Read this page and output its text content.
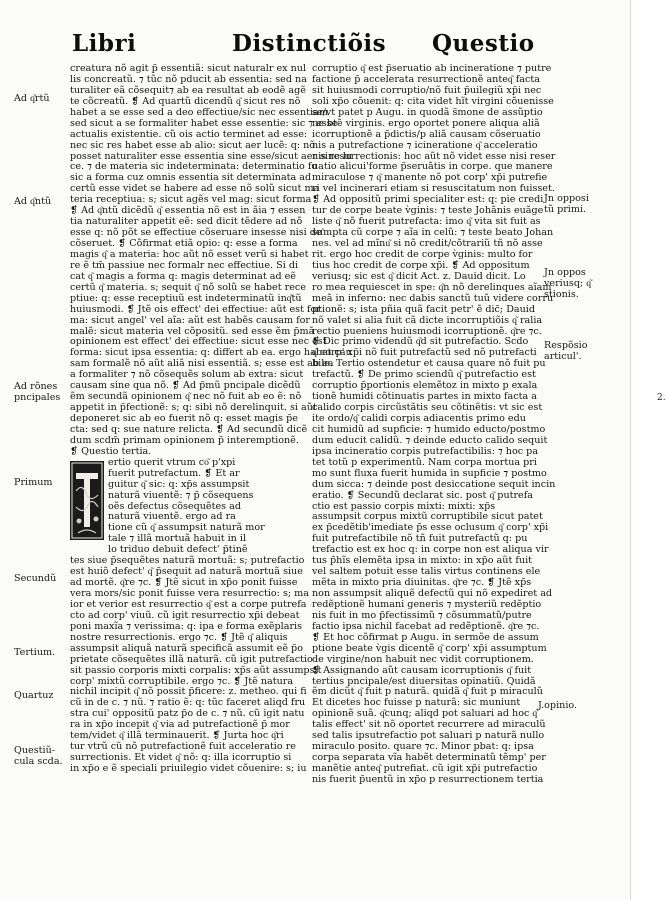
Libri	Distinctiõis Questio
creatura nõ agit p̃ essentiã: sicut naturalr ex nul
lis concreatũ. ⁊ tũc nõ pducit ab essentia: sed na
turaliter eã cõsequit⁊ ab ea resultat ab eodẽ agẽ
te cõcreatũ. ❡ Ad quartũ dicendũ q͂ sicut res nõ
habet a se esse sed a deo effectiue/sic nec essentiam
sed sicut a se formaliter habet esse essentie: sic ⁊ esse
actualis existentie. cũ ois actio terminet ad esse:
nec sic res habet esse ab alio: sicut aer lucẽ: q: nõ
posset naturaliter esse essentia sine esse/sicut aer sine lu
ce. ⁊ de materia sic indeterminata: determinatio fo
sic a forma cuz omnis essentia sit determinata ad
certũ esse videt se habere ad esse nõ solũ sicut ma
teria receptiua: s; sicut agẽs vel mag: sicut forma
❡ Ad q͂ntũ dicẽdũ q͂ essentia nõ est in ãia ⁊ essen
tia naturaliter appetit eẽ: sed dicit tẽdere ad nõ
esse q: nõ põt se effectiue cõseruare insesse nisi de'
cõseruet. ❡ Cõfirmat etiã opio: q: esse a forma
magis q͂ a materia: hoc aũt nõ esset verũ si habet
re ẽ tm̃ passiue nec formalr nec effectiue. Si di
cat q͂ magis a forma q: magis determinat ad eẽ
certũ q͂ materia. s; sequit q͂ nõ solũ se habet rece
ptiue: q: esse receptiuũ est indeterminatũ inq͂tũ
huiusmodi. ❡ Jtẽ ois effect' dei effectiue: aũt est for
ma: sicut angel' vel aĩa: aũt est habẽs causam for
malẽ: sicut materia vel cõpositũ. sed esse ẽm p̃mã
opinionem est effect' dei effectiue: sicut esse nec est
forma: sicut ipsa essentia: q: differt ab ea. ergo habet cau
sam formalẽ nõ aũt aliã nisi essentiã. s; esse est ab ea
a formaliter ⁊ nõ cõsequẽs solum ab extra: sicut
causam sine qua nõ. ❡ Ad p̃mũ pncipale dicẽdũ
ẽm secundã opinionem q͂ nec nõ fuit ab eo ẽ: nõ
appetit in p̃fectionẽ: s; q: sibi nõ derelinquit. si aũt
deponeret sic ab eo fuerit nõ q: esset magis p̃e
cta: sed q: sue nature relicta. ❡ Ad secundũ dicẽ
dum scdm̃ primam opinionem p̃ interemptionẽ.
❡ Questio tertia.
ertio querit vtrum co͂ p'xpi
fuerit putrefactum. ❡ Et ar
guitur q͂ sic: q: xp̃s assumpsit
naturã viuentẽ: ⁊ p̃ cõsequens
oẽs defectus cõsequẽtes ad
naturã viuentẽ. ergo ad ra
tione cũ q͂ assumpsit naturã mor
tale ⁊ illã mortuã habuit in il
lo triduo debuit defect' p̃tinẽ
tes siue p̃sequẽtes naturã mortuã: s; putrefactio
est huiõ defect' q͂ p̃sequit ad naturã mortuã siue
ad mortẽ. q͂re ⁊c. ❡ Jtẽ sicut in xp̃o ponit fuisse
vera mors/sic ponit fuisse vera resurrectio: s; ma
ior et verior est resurrectio q͂ est a corpe putrefa
cto ad corp' viuũ. cũ igit resurrectio xp̃i debeat
poni maxĩa ⁊ verissima: q: ipa e forma exẽplaris
nostre resurrectionis. ergo ⁊c. ❡ Jtẽ q͂ aliquis
assumpsit aliquã naturã specificã assumit eẽ p̃o
prietate cõsequẽtes illã naturã. cũ igit putrefactio
sit passio corporis mixti corpalis: xp̃s aũt assumpsit
corp' mixtũ corruptibile. ergo ⁊c. ❡ Jtẽ natura
nichil incipit q͂ nõ possit p̃ficere: z. metheo. qui fi
cũ in de c. ⁊ nũ. ⁊ ratio ẽ: q: tũc faceret aliqd fru
stra cui' oppositũ patz p̃o de c. ⁊ nũ. cũ igit natu
ra in xp̃o incepit q͂ via ad putrefactionẽ p̃ mor
tem/videt q͂ illã terminauerit. ❡ Jurta hoc q͂ri
tur vtrũ cũ nõ putrefactionẽ fuit acceleratio re
surrectionis. Et videt q͂ nõ: q: illa icorruptio si
in xp̃o e ẽ speciali priuilegio videt cõuenire: s; iu
corruptio q͂ est p̃seruatio ab incineratione ⁊ putre
factione p̃ accelerata resurrectionẽ anteq͂ facta
sit huiusmodi corruptio/nõ fuit p̃uilegiũ xp̃i nec
soli xp̃o cõuenit: q: cita videt hĩt virgini cõuenisse
se/vt patet p Augu. in quodã s̃mone de assũptio
ne btẽ virginis. ergo oportet ponere aliqua aliã
icorruptionẽ a p̃dictis/p aliã causam cõseruatio
nis a putrefactione ⁊ icineratione q͂ acceleratio
nis resurrectionis: hoc aũt nõ videt esse nisi reser
uatio alicui'forme p̃seruãtis in corpe. que manere
miraculose ⁊ q͂ manente nõ pot corp' xp̃i putrefie
ri vel incinerari etiam si resuscitatum non fuisset.
❡ Ad oppositũ primi specialiter est: q: pie credi
tur de corpe beate v̀ginis: ⁊ teste Johãnis euãge
liste q͂ nõ fuerit putrefacta: imo q͂ vita sit fuit as
sumpta cũ corpe ⁊ aĩa in celũ: ⁊ teste beato Johan
nes. vel ad mĩnu͂ si nõ credit/cõtrariũ tñ nõ asse
rit. ergo hoc credit de corpe v̀ginis: multo for
tius hoc credit de corpe xp̃i. ❡ Ad oppositum
veriusq; sic est q͂ dicit Act. z. Dauid dicit. Lo
ro mea requiescet in spe: q͂n nõ derelinques aĩam
meã in inferno: nec dabis sanctũ tuũ videre corru
ptionẽ: s; ista pñia quã facit petr' ẽ dic̃; Dauid
nõ valet si alia fuit cã dicte incorruptiõis q͂ ralia
rectio pueniens huiusmodi icorruptionẽ. q͂re ⁊c.
❡ Dic primo videndũ q͂d sit putrefactio. Scdo
q͂ corp' xp̃i nõ fuit putrefactũ sed nõ putrefacti
bile. Tertio ostendetur et causa quare nõ fuit pu
trefactũ. ❡ De primo sciendũ q͂ putrefactio est
corruptio p̃portionis elemẽtoz in mixto p exala
tionẽ humidi cõtinuatis partes in mixto facta a
calido corpis circũstãtis seu cõtinẽtis: vt sic est
ite ordo/q͂ calidi corpis adiacentis primo edu
cit humidũ ad supficie: ⁊ humido educto/postmo
dum educit calidũ. ⁊ deinde educto calido sequit
ipsa incineratio corpis putrefactibilis: ⁊ hoc pa
tet totũ p experimentũ. Nam corpa mortua pri
mo sunt fluxa fuerit humida in supficie ⁊ postmo
dum sicca: ⁊ deinde post desiccatione sequit incin
eratio. ❡ Secundũ declarat sic. post q͂ putrefa
ctio est passio corpis mixti: mixti: xp̃s
assumpsit corpus mixtũ corruptibile sicut patet
ex p̃cedẽtib'imediate p̃s esse oclusum q͂ corp' xp̃i
fuit putrefactibile nõ tñ fuit putrefactũ q: pu
trefactio est ex hoc q: in corpe non est aliqua vir
tus p̃hĩs elemẽta ipsa in mixto: in xp̃o aũt fuit
vel saltem potuit esse talis virtus continens ele
mẽta in mixto pria diuinitas. q͂re ⁊c. ❡ Jtẽ xp̃s
non assumpsit aliquẽ defectũ qui nõ expediret ad
redẽptionẽ humani generis ⁊ mysteriũ redẽptio
nis fuit in mo p̃fectissimũ ⁊ cõsummatũ/putre
factio ipsa nichil facebat ad redẽptionẽ. q͂re ⁊c.
❡ Et hoc cõfirmat p Augu. in sermõe de assum
ptione beate v̀gis dicentẽ q͂ corp' xp̃i assumptum
de virgine/non habuit nec vidit corruptionem.
❡ Assignando aũt causam icorruptionis q͂ fuit
tertius pncipale/est diuersitas opinatiũ. Quidã
ẽm dicũt q͂ fuit p naturã. quidã q͂ fuit p miraculũ
Et dicetes hoc fuisse p naturã: sic muniunt
opinionẽ suã. q͂cunq; aliqd pot saluari ad hoc q͂
talis effect' sit nõ oportet recurrere ad miraculũ
sed talis ipsutrefactio pot saluari p naturã nullo
miraculo posito. quare ⁊c. Minor pbat: q: ipsa
corpa separata vĩa habẽt determinatũ tẽmp' per
manẽtie anteq͂ putrefiat. cũ igit xp̃i putrefactio
nis fuerit p̃uentũ in xp̃o p resurrectionem tertia
Ad q͂rtũ
Ad q͂ntũ
Ad rõnes
pncipales
Primum
Secundũ
Tertium.
Quartuz
Questiũ-
cula scda.
Jn opposi
tũ primi.
Jn oppos
veriusq; q͂
stionis.
Respõsio
articul'.
J.opinio.
2.
